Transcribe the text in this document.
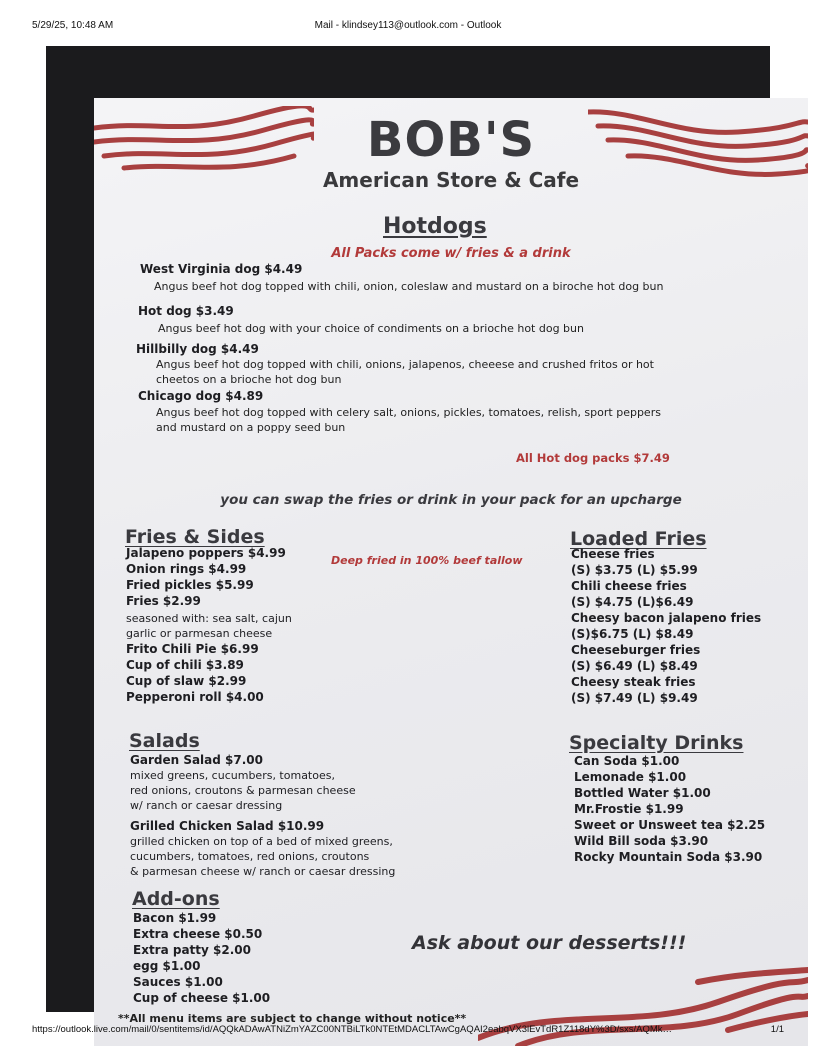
5/29/25, 10:48 AM	Mail - klindsey113@outlook.com - Outlook
BOB'S
American Store & Cafe
Hotdogs
All Packs come w/ fries & a drink
West Virginia dog $4.49
Angus beef hot dog topped with chili, onion, coleslaw and mustard on a biroche hot dog bun
Hot dog $3.49
Angus beef hot dog with your choice of condiments on a brioche hot dog bun
Hillbilly dog $4.49
Angus beef hot dog topped with chili, onions, jalapenos, cheeese and crushed fritos or hot
cheetos on a brioche hot dog bun
Chicago dog $4.89
Angus beef hot dog topped with celery salt, onions, pickles, tomatoes, relish, sport peppers
and mustard on a poppy seed bun
All Hot dog packs $7.49
you can swap the fries or drink in your pack for an upcharge
Fries & Sides
Deep fried in 100% beef tallow
Jalapeno poppers $4.99
Onion rings $4.99
Fried pickles $5.99
Fries $2.99
seasoned with: sea salt, cajun
garlic or parmesan cheese
Frito Chili Pie $6.99
Cup of chili $3.89
Cup of slaw $2.99
Pepperoni roll $4.00
Loaded Fries
Cheese fries
(S) $3.75 (L) $5.99
Chili cheese fries
(S) $4.75 (L)$6.49
Cheesy bacon jalapeno fries
(S)$6.75 (L) $8.49
Cheeseburger fries
(S) $6.49 (L) $8.49
Cheesy steak fries
(S) $7.49 (L) $9.49
Salads
Garden Salad $7.00
mixed greens, cucumbers, tomatoes,
red onions, croutons & parmesan cheese
w/ ranch or caesar dressing
Grilled Chicken Salad $10.99
grilled chicken on top of a bed of mixed greens,
cucumbers, tomatoes, red onions, croutons
& parmesan cheese w/ ranch or caesar dressing
Specialty Drinks
Can Soda $1.00
Lemonade $1.00
Bottled Water $1.00
Mr.Frostie $1.99
Sweet or Unsweet tea $2.25
Wild Bill soda $3.90
Rocky Mountain Soda $3.90
Add-ons
Bacon $1.99
Extra cheese $0.50
Extra patty $2.00
egg $1.00
Sauces $1.00
Cup of cheese $1.00
Ask about our desserts!!!
**All menu items are subject to change without notice**
https://outlook.live.com/mail/0/sentitems/id/AQQkADAwATNiZmYAZC00NTBiLTk0NTEtMDACLTAwCgAQAI2eabqVX3lEvTdR1Z118dY%3D/sxs/AQMk…	1/1
